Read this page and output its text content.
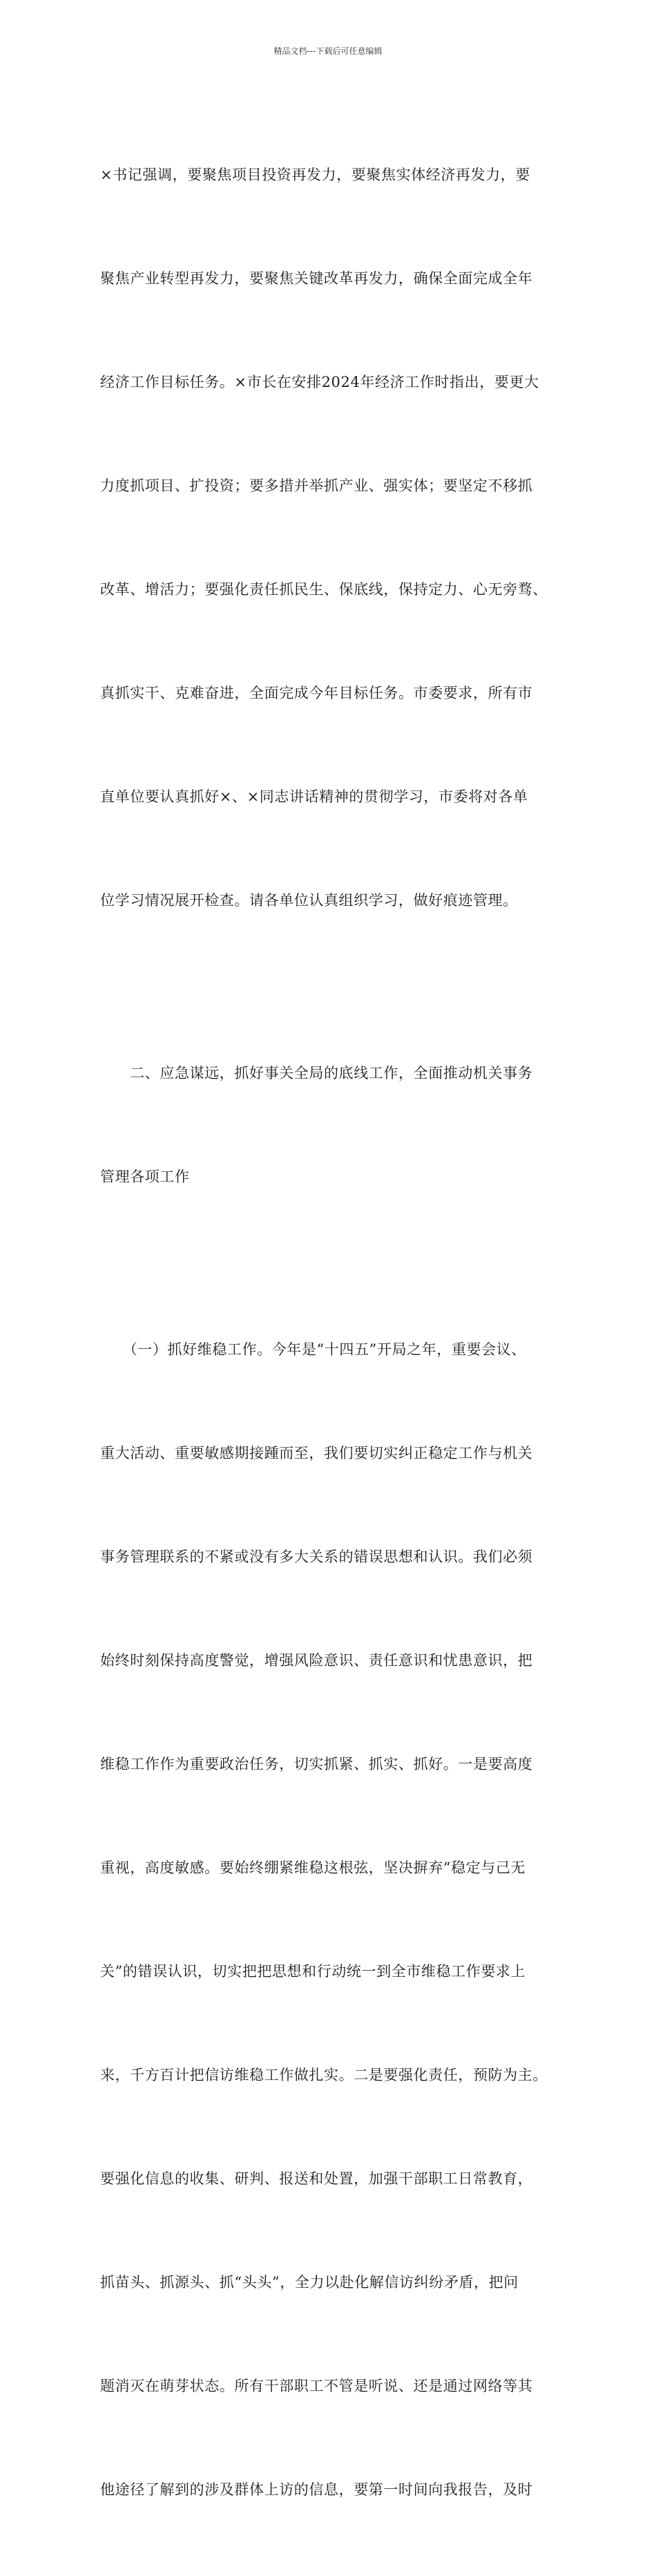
精品文档---下载后可任意编辑

×书记强调，要聚焦项目投资再发力，要聚焦实体经济再发力，要

聚焦产业转型再发力，要聚焦关键改革再发力，确保全面完成全年

经济工作目标任务。×市长在安排2024年经济工作时指出，要更大

力度抓项目、扩投资；要多措并举抓产业、强实体；要坚定不移抓

改革、增活力；要强化责任抓民生、保底线，保持定力、心无旁骛、

真抓实干、克难奋进，全面完成今年目标任务。市委要求，所有市

直单位要认真抓好×、×同志讲话精神的贯彻学习，市委将对各单

位学习情况展开检查。请各单位认真组织学习，做好痕迹管理。

　　二、应急谋远，抓好事关全局的底线工作，全面推动机关事务

管理各项工作

　　（一）抓好维稳工作。今年是“十四五”开局之年，重要会议、

重大活动、重要敏感期接踵而至，我们要切实纠正稳定工作与机关

事务管理联系的不紧或没有多大关系的错误思想和认识。我们必须

始终时刻保持高度警觉，增强风险意识、责任意识和忧患意识，把

维稳工作作为重要政治任务，切实抓紧、抓实、抓好。一是要高度

重视，高度敏感。要始终绷紧维稳这根弦，坚决摒弃“稳定与己无

关”的错误认识，切实把把思想和行动统一到全市维稳工作要求上

来，千方百计把信访维稳工作做扎实。二是要强化责任，预防为主。

要强化信息的收集、研判、报送和处置，加强干部职工日常教育，

抓苗头、抓源头、抓“头头”，全力以赴化解信访纠纷矛盾，把问

题消灭在萌芽状态。所有干部职工不管是听说、还是通过网络等其

他途径了解到的涉及群体上访的信息，要第一时间向我报告，及时
